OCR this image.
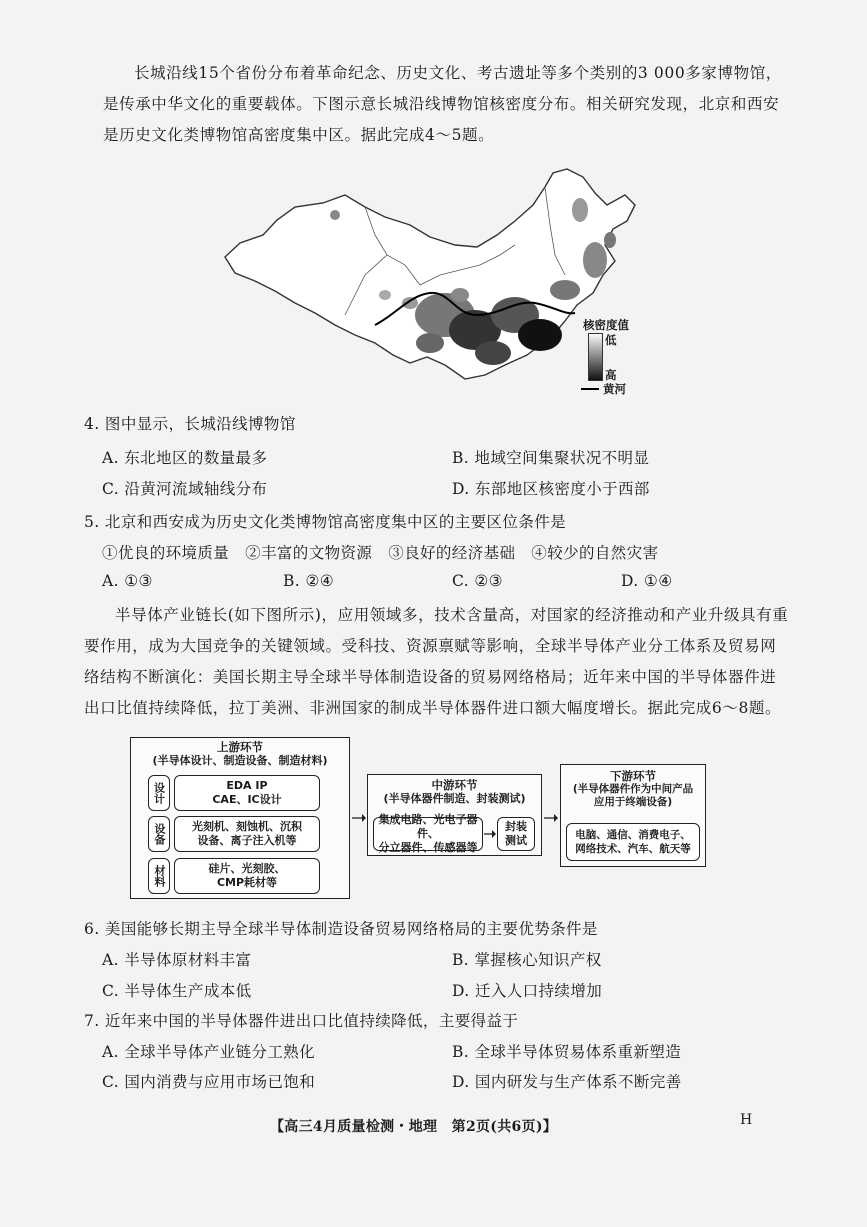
长城沿线15个省份分布着革命纪念、历史文化、考古遗址等多个类别的3 000多家博物馆，是传承中华文化的重要载体。下图示意长城沿线博物馆核密度分布。相关研究发现，北京和西安是历史文化类博物馆高密度集中区。据此完成4～5题。
核密度值
低
高
黄河
4. 图中显示，长城沿线博物馆
A. 东北地区的数量最多	B. 地域空间集聚状况不明显
C. 沿黄河流域轴线分布	D. 东部地区核密度小于西部
5. 北京和西安成为历史文化类博物馆高密度集中区的主要区位条件是
①优良的环境质量　②丰富的文物资源　③良好的经济基础　④较少的自然灾害
A. ①③	B. ②④	C. ②③	D. ①④
半导体产业链长(如下图所示)，应用领域多，技术含量高，对国家的经济推动和产业升级具有重要作用，成为大国竞争的关键领域。受科技、资源禀赋等影响，全球半导体产业分工体系及贸易网络结构不断演化：美国长期主导全球半导体制造设备的贸易网络格局；近年来中国的半导体器件进出口比值持续降低，拉丁美洲、非洲国家的制成半导体器件进口额大幅度增长。据此完成6～8题。
上游环节
(半导体设计、制造设备、制造材料)
设计	EDA IP
CAE、IC设计
设备	光刻机、刻蚀机、沉积
设备、离子注入机等
材料	硅片、光刻胶、
CMP耗材等
中游环节
(半导体器件制造、封装测试)
集成电路、光电子器件、
分立器件、传感器等
封装
测试
下游环节
(半导体器件作为中间产品
应用于终端设备)
电脑、通信、消费电子、
网络技术、汽车、航天等
6. 美国能够长期主导全球半导体制造设备贸易网络格局的主要优势条件是
A. 半导体原材料丰富	B. 掌握核心知识产权
C. 半导体生产成本低	D. 迁入人口持续增加
7. 近年来中国的半导体器件进出口比值持续降低，主要得益于
A. 全球半导体产业链分工熟化	B. 全球半导体贸易体系重新塑造
C. 国内消费与应用市场已饱和	D. 国内研发与生产体系不断完善
【高三4月质量检测・地理　第2页(共6页)】	H
